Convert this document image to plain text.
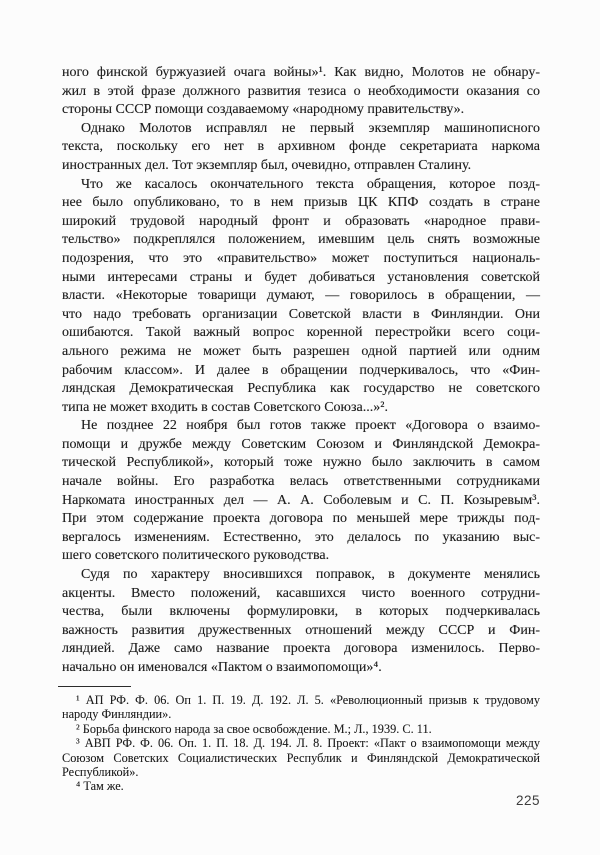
ного финской буржуазией очага войны»¹. Как видно, Молотов не обнару-
жил в этой фразе должного развития тезиса о необходимости оказания со
стороны СССР помощи создаваемому «народному правительству».
Однако Молотов исправлял не первый экземпляр машинописного
текста, поскольку его нет в архивном фонде секретариата наркома
иностранных дел. Тот экземпляр был, очевидно, отправлен Сталину.
Что же касалось окончательного текста обращения, которое позд-
нее было опубликовано, то в нем призыв ЦК КПФ создать в стране
широкий трудовой народный фронт и образовать «народное прави-
тельство» подкреплялся положением, имевшим цель снять возможные
подозрения, что это «правительство» может поступиться националь-
ными интересами страны и будет добиваться установления советской
власти. «Некоторые товарищи думают, — говорилось в обращении, —
что надо требовать организации Советской власти в Финляндии. Они
ошибаются. Такой важный вопрос коренной перестройки всего соци-
ального режима не может быть разрешен одной партией или одним
рабочим классом». И далее в обращении подчеркивалось, что «Фин-
ляндская Демократическая Республика как государство не советского
типа не может входить в состав Советского Союза...»².
Не позднее 22 ноября был готов также проект «Договора о взаимо-
помощи и дружбе между Советским Союзом и Финляндской Демокра-
тической Республикой», который тоже нужно было заключить в самом
начале войны. Его разработка велась ответственными сотрудниками
Наркомата иностранных дел — А. А. Соболевым и С. П. Козыревым³.
При этом содержание проекта договора по меньшей мере трижды под-
вергалось изменениям. Естественно, это делалось по указанию выс-
шего советского политического руководства.
Судя по характеру вносившихся поправок, в документе менялись
акценты. Вместо положений, касавшихся чисто военного сотрудни-
чества, были включены формулировки, в которых подчеркивалась
важность развития дружественных отношений между СССР и Фин-
ляндией. Даже само название проекта договора изменилось. Перво-
начально он именовался «Пактом о взаимопомощи»⁴.
¹ АП РФ. Ф. 06. Оп 1. П. 19. Д. 192. Л. 5. «Революционный призыв к трудовому
народу Финляндии».
² Борьба финского народа за свое освобождение. М.; Л., 1939. С. 11.
³ АВП РФ. Ф. 06. Оп. 1. П. 18. Д. 194. Л. 8. Проект: «Пакт о взаимопомощи между
Союзом Советских Социалистических Республик и Финляндской Демократической
Республикой».
⁴ Там же.
225
